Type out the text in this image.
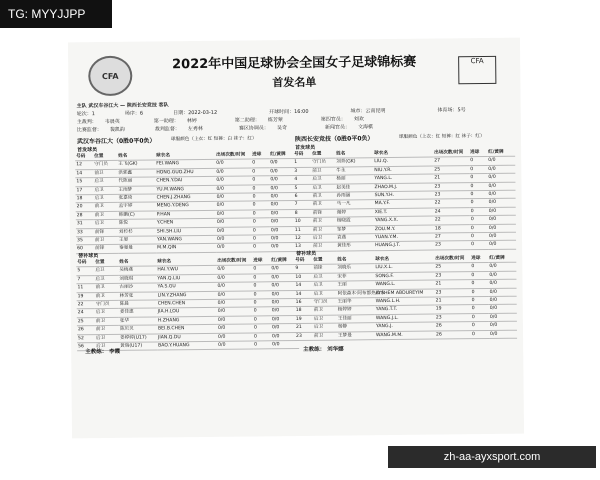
TG: MYYJJPP
CFA
CFA
2022年中国足球协会全国女子足球锦标赛
首发名单
主队 武汉车谷江大 — 陕西长安竞技 客队
轮次：1	场序：6	日期：2022-03-12	开球时间：16:00	城市：云南昆明	体育场：5号
主裁判： 韦晨英	第一助理： 林婷	第二助理： 练芳蒙	第四官员： 刘欢
比赛监督： 裴凯韵	裁判监督： 左秀林	赛区协调员： 吴奇	新闻官员： 文海棋
武汉车谷江大（0胜0平0负）	球服颜色（上衣：红 短裤：白 袜子：红）	陕西长安竞技（0胜0平0负）	球服颜色（上衣：红 短裤：红 袜子：红）
首发球员	首发球员
号码	位置	姓名	球衣名	出场次数/时间	进球	红/黄牌
12	守门员	王飞(GK)	FEI.WANG	0/0	0	0/0
14	前卫	洪郭鑫	HONG.GUO.ZHU	0/0	0	0/0
15	后卫	代陈丽	CHEN.Y.DAI	0/0	0	0/0
17	后卫	王雨梦	YU.M.WANG	0/0	0	0/0
18	后卫	张嘉琦	CHEN.J.ZHANG	0/0	0	0/0
20	前卫	孟宇婷	MENG.Y.DENG	0/0	0	0/0
28	前卫	韩鹏(C)	P.HAN	0/0	0	0/0
31	后卫	陈悦	Y.CHEN	0/0	0	0/0
33	前锋	刘杉杉	SHI.SH.LIU	0/0	0	0/0
35	前卫	王晏	YAN.WANG	0/0	0	0/0
60	前锋	秦曼曼	M.M.QIN	0/0	0	0/0
号码	位置	姓名	球衣名	出场次数/时间	进球	红/黄牌
1	守门员	刘青(GK)	LIU.Q.	27	0	0/0
3	前卫	牛永	NIU.Y.R.	25	0	0/0
4	后卫	杨丽	YANG.L.	21	0	0/0
5	后卫	赵美佳	ZHAO.M.J.	23	0	0/0
6	前卫	孙雨涵	SUN.Y.H.	23	0	0/0
7	前卫	马一凡	MA.Y.F.	22	0	0/0
8	前锋	谢婷	XIE.T.	24	0	0/0
10	前卫	杨晓霞	YANG.X.X.	22	0	0/0
11	前卫	邹梦	ZOU.M.Y.	18	0	0/0
12	后卫	袁燕	YUAN.Y.M.	27	0	0/0
13	前卫	黄佳彤	HUANG.J.T.	23	0	0/0
替补球员	替补球员
号码	位置	姓名	球衣名	出场次数/时间	进球	红/黄牌
5	后卫	吴梅燕	HAI.Y.WU	0/0	0	0/0
7	后卫	刘晓琪	YAN.Q.LIU	0/0	0	0/0
11	前卫	古丽沙	YA.S.GU	0/0	0	0/0
19	前卫	林芳张	LIN.Y.ZHANG	0/0	0	0/0
22	守门员	陈晨	CHEN.CHEN	0/0	0	0/0
24	后卫	娄佳惠	JIA.H.LOU	0/0	0	0/0
25	前卫	张华	H.ZHANG	0/0	0	0/0
26	前卫	陈贝贝	BEI.B.CHEN	0/0	0	0/0
52	后卫	姜婷婷(U17)	JIAN.Q.DU	0/0	0	0/0
56	后卫	黄瑞(U17)	BAO.Y.HUANG	0/0	0	0/0
号码	位置	姓名	球衣名	出场次数/时间	进球	红/黄牌
9	前锋	刘晓乐	LIU.X.L.	25	0	0/0
10	后卫	宋菲	SONG.F.	23	0	0/0
14	后卫	王丽	WANG.L.	21	0	0/0
14	后卫	阿依森木·阿布都热依木	AYSHEM ABDUREYIM	23	0	0/0
16	守门员	王丽华	WANG.L.H.	21	0	0/0
18	前卫	杨婷婷	YANG.T.T.	19	0	0/0
19	后卫	王佳丽	WANG.J.L.	23	0	0/0
21	后卫	杨静	YANG.J.	26	0	0/0
23	前卫	王梦曼	WANG.M.M.	26	0	0/0
主教练： 李霞	主教练： 刘华娜
zh-aa-ayxsport.com
